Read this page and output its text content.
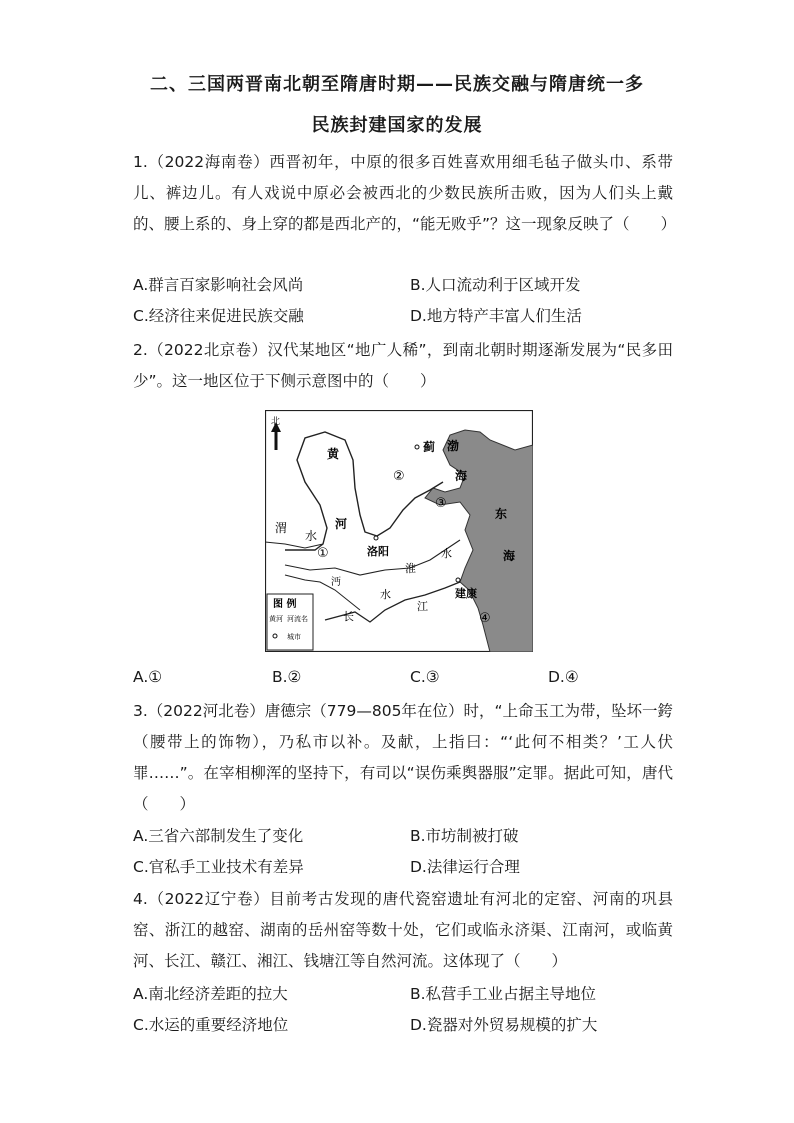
二、三国两晋南北朝至隋唐时期——民族交融与隋唐统一多
民族封建国家的发展
1.（2022海南卷）西晋初年，中原的很多百姓喜欢用细毛毡子做头巾、系带儿、裤边儿。有人戏说中原必会被西北的少数民族所击败，因为人们头上戴的、腰上系的、身上穿的都是西北产的，“能无败乎”？这一现象反映了（　　）
A.群言百家影响社会风尚	B.人口流动利于区域开发
C.经济往来促进民族交融	D.地方特产丰富人们生活
2.（2022北京卷）汉代某地区“地广人稀”，到南北朝时期逐渐发展为“民多田少”。这一地区位于下侧示意图中的（　　）
北
黄
河
渭
水
蓟 渤
海
东
海
洛阳
淮
水
沔
水	建康
长
江
①
②
③
④
图 例
黄河 河流名
城市
A.①	B.②	C.③	D.④
3.（2022河北卷）唐德宗（779—805年在位）时，“上命玉工为带，坠坏一銙（腰带上的饰物），乃私市以补。及献，上指曰：“‘此何不相类？’工人伏罪……”。在宰相柳浑的坚持下，有司以“误伤乘舆器服”定罪。据此可知，唐代（　　）
A.三省六部制发生了变化	B.市坊制被打破
C.官私手工业技术有差异	D.法律运行合理
4.（2022辽宁卷）目前考古发现的唐代瓷窑遗址有河北的定窑、河南的巩县窑、浙江的越窑、湖南的岳州窑等数十处，它们或临永济渠、江南河，或临黄河、长江、赣江、湘江、钱塘江等自然河流。这体现了（　　）
A.南北经济差距的拉大	B.私营手工业占据主导地位
C.水运的重要经济地位	D.瓷器对外贸易规模的扩大
